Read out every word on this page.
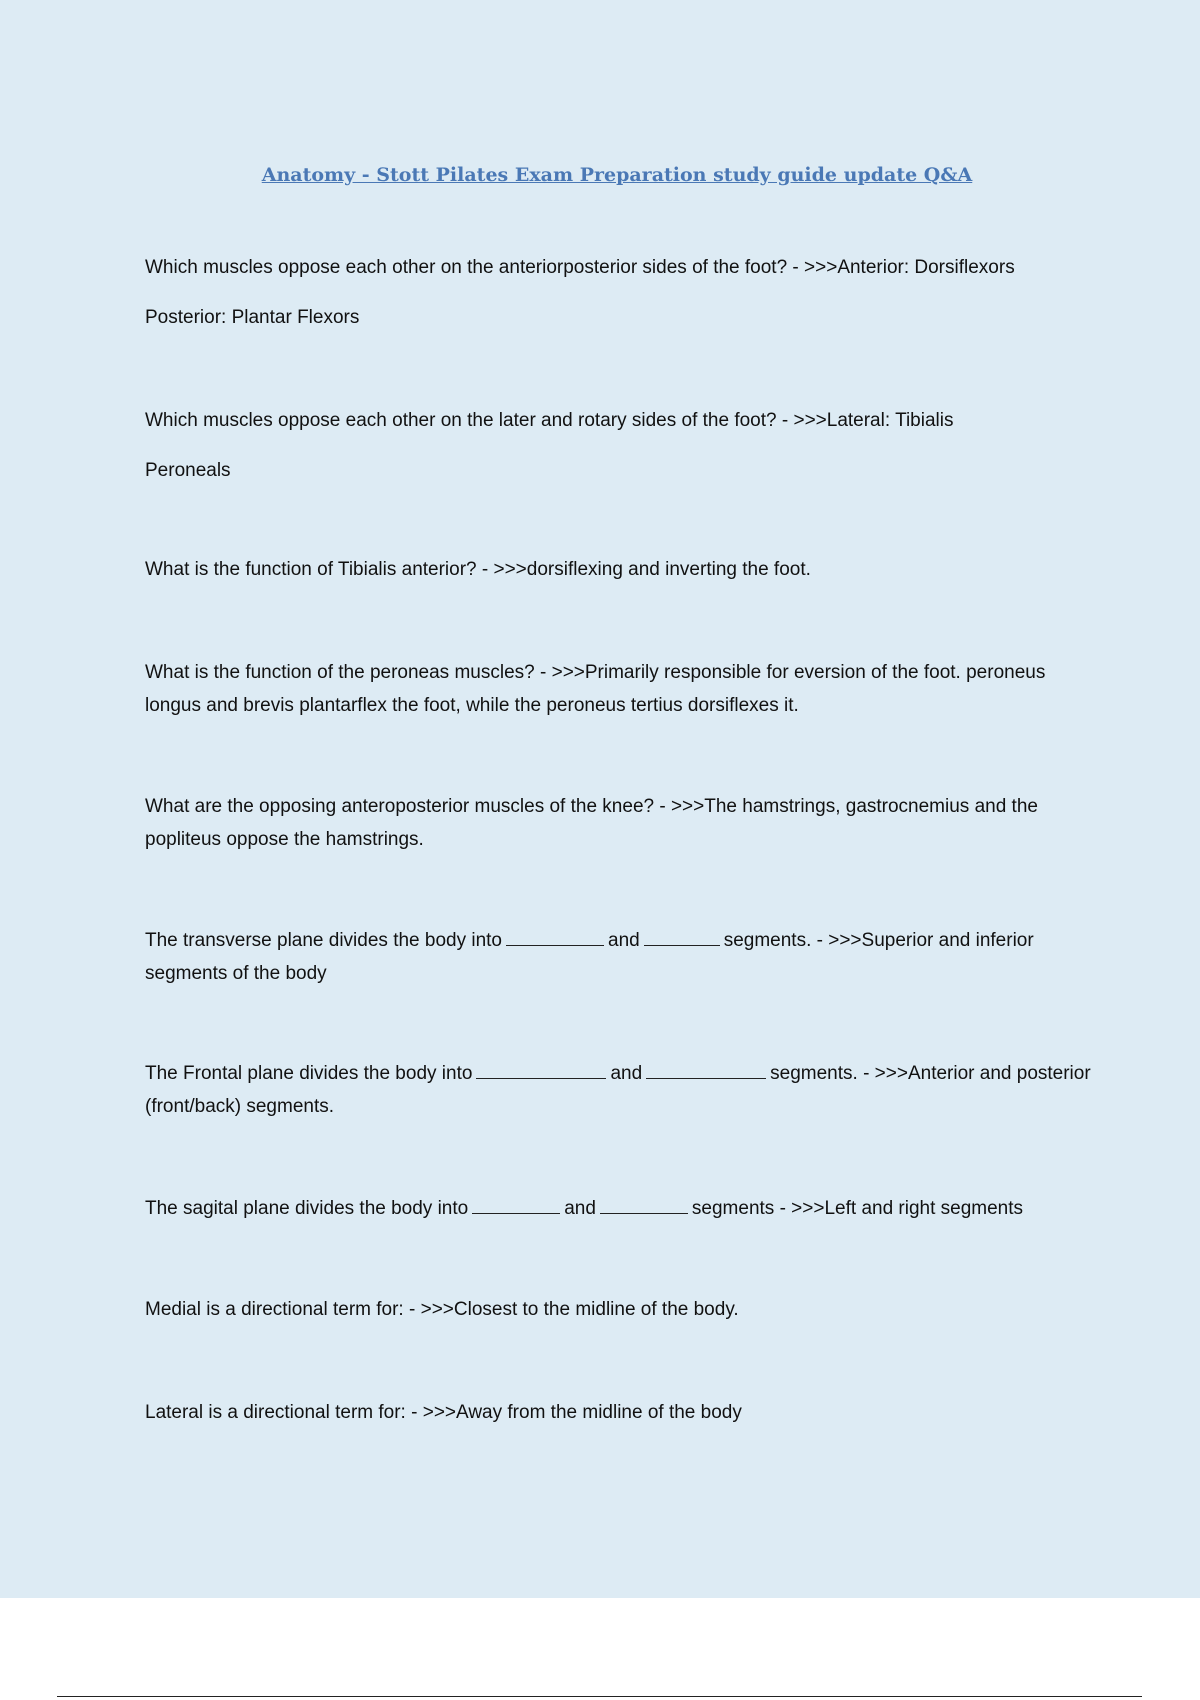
Anatomy - Stott Pilates Exam Preparation study guide update Q&A
Which muscles oppose each other on the anteriorposterior sides of the foot? - >>>Anterior: Dorsiflexors
Posterior: Plantar Flexors
Which muscles oppose each other on the later and rotary sides of the foot? - >>>Lateral: Tibialis
Peroneals
What is the function of Tibialis anterior? - >>>dorsiflexing and inverting the foot.
What is the function of the peroneas muscles? - >>>Primarily responsible for eversion of the foot. peroneus longus and brevis plantarflex the foot, while the peroneus tertius dorsiflexes it.
What are the opposing anteroposterior muscles of the knee? - >>>The hamstrings, gastrocnemius and the popliteus oppose the hamstrings.
The transverse plane divides the body into	and	segments. - >>>Superior and inferior segments of the body
The Frontal plane divides the body into	and	segments. - >>>Anterior and posterior (front/back) segments.
The sagital plane divides the body into	and	segments - >>>Left and right segments
Medial is a directional term for: - >>>Closest to the midline of the body.
Lateral is a directional term for: - >>>Away from the midline of the body
